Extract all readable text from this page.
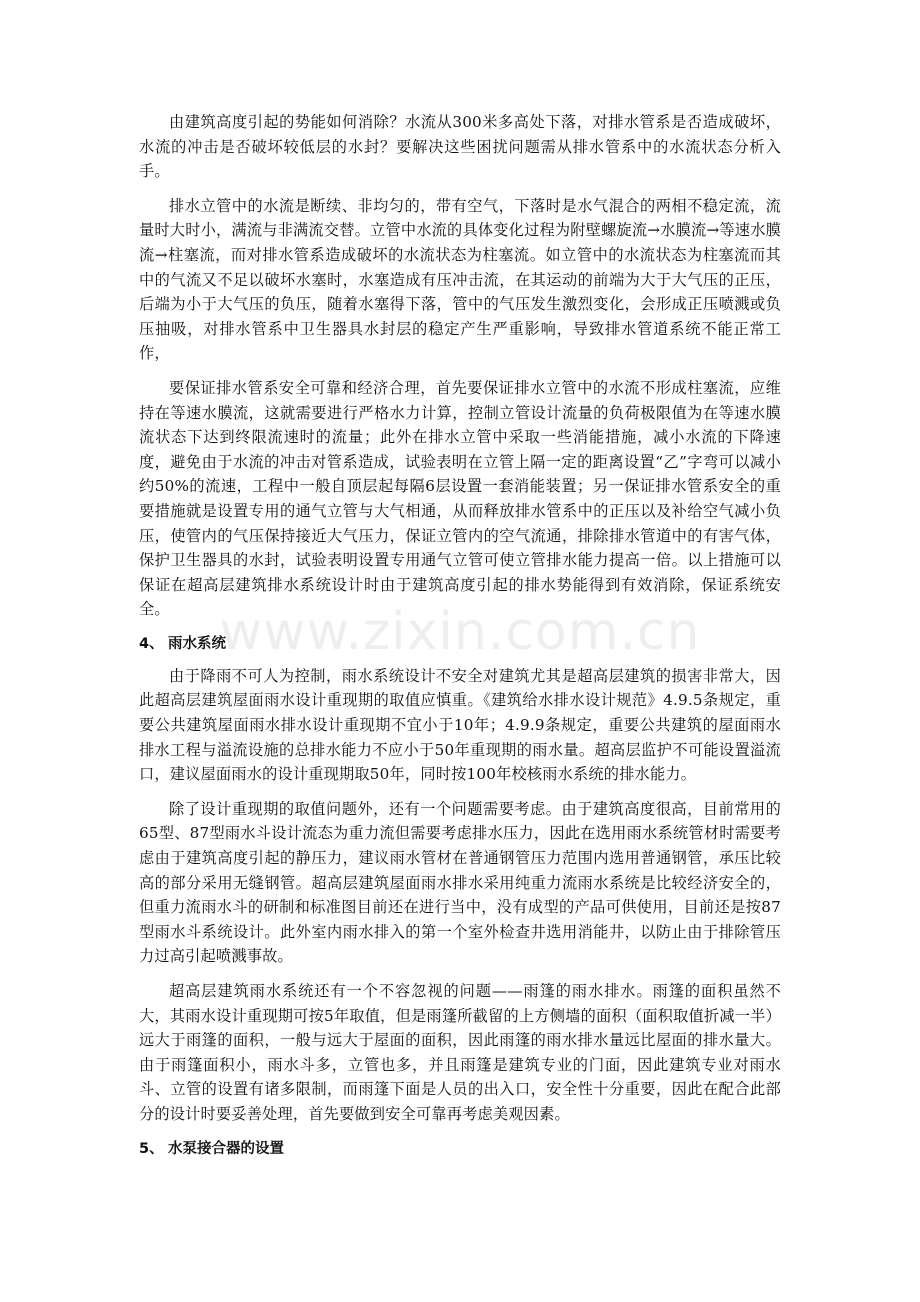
www.zixin.com.cn

由建筑高度引起的势能如何消除？水流从300米多高处下落，对排水管系是否造成破坏，水流的冲击是否破坏较低层的水封？要解决这些困扰问题需从排水管系中的水流状态分析入手。

排水立管中的水流是断续、非均匀的，带有空气，下落时是水气混合的两相不稳定流，流量时大时小，满流与非满流交替。立管中水流的具体变化过程为附壁螺旋流→水膜流→等速水膜流→柱塞流，而对排水管系造成破坏的水流状态为柱塞流。如立管中的水流状态为柱塞流而其中的气流又不足以破坏水塞时，水塞造成有压冲击流，在其运动的前端为大于大气压的正压，后端为小于大气压的负压，随着水塞得下落，管中的气压发生激烈变化，会形成正压喷溅或负压抽吸，对排水管系中卫生器具水封层的稳定产生严重影响，导致排水管道系统不能正常工作，

要保证排水管系安全可靠和经济合理，首先要保证排水立管中的水流不形成柱塞流，应维持在等速水膜流，这就需要进行严格水力计算，控制立管设计流量的负荷极限值为在等速水膜流状态下达到终限流速时的流量；此外在排水立管中采取一些消能措施，减小水流的下降速度，避免由于水流的冲击对管系造成，试验表明在立管上隔一定的距离设置“乙”字弯可以减小约50%的流速，工程中一般自顶层起每隔6层设置一套消能装置；另一保证排水管系安全的重要措施就是设置专用的通气立管与大气相通，从而释放排水管系中的正压以及补给空气减小负压，使管内的气压保持接近大气压力，保证立管内的空气流通，排除排水管道中的有害气体，保护卫生器具的水封，试验表明设置专用通气立管可使立管排水能力提高一倍。以上措施可以保证在超高层建筑排水系统设计时由于建筑高度引起的排水势能得到有效消除，保证系统安全。

4、 雨水系统

由于降雨不可人为控制，雨水系统设计不安全对建筑尤其是超高层建筑的损害非常大，因此超高层建筑屋面雨水设计重现期的取值应慎重。《建筑给水排水设计规范》4.9.5条规定，重要公共建筑屋面雨水排水设计重现期不宜小于10年；4.9.9条规定，重要公共建筑的屋面雨水排水工程与溢流设施的总排水能力不应小于50年重现期的雨水量。超高层监护不可能设置溢流口，建议屋面雨水的设计重现期取50年，同时按100年校核雨水系统的排水能力。

除了设计重现期的取值问题外，还有一个问题需要考虑。由于建筑高度很高，目前常用的65型、87型雨水斗设计流态为重力流但需要考虑排水压力，因此在选用雨水系统管材时需要考虑由于建筑高度引起的静压力，建议雨水管材在普通钢管压力范围内选用普通钢管，承压比较高的部分采用无缝钢管。超高层建筑屋面雨水排水采用纯重力流雨水系统是比较经济安全的，但重力流雨水斗的研制和标准图目前还在进行当中，没有成型的产品可供使用，目前还是按87型雨水斗系统设计。此外室内雨水排入的第一个室外检查井选用消能井，以防止由于排除管压力过高引起喷溅事故。

超高层建筑雨水系统还有一个不容忽视的问题——雨篷的雨水排水。雨篷的面积虽然不大，其雨水设计重现期可按5年取值，但是雨篷所截留的上方侧墙的面积（面积取值折减一半）远大于雨篷的面积，一般与远大于屋面的面积，因此雨篷的雨水排水量远比屋面的排水量大。由于雨篷面积小，雨水斗多，立管也多，并且雨篷是建筑专业的门面，因此建筑专业对雨水斗、立管的设置有诸多限制，而雨篷下面是人员的出入口，安全性十分重要，因此在配合此部分的设计时要妥善处理，首先要做到安全可靠再考虑美观因素。

5、 水泵接合器的设置
